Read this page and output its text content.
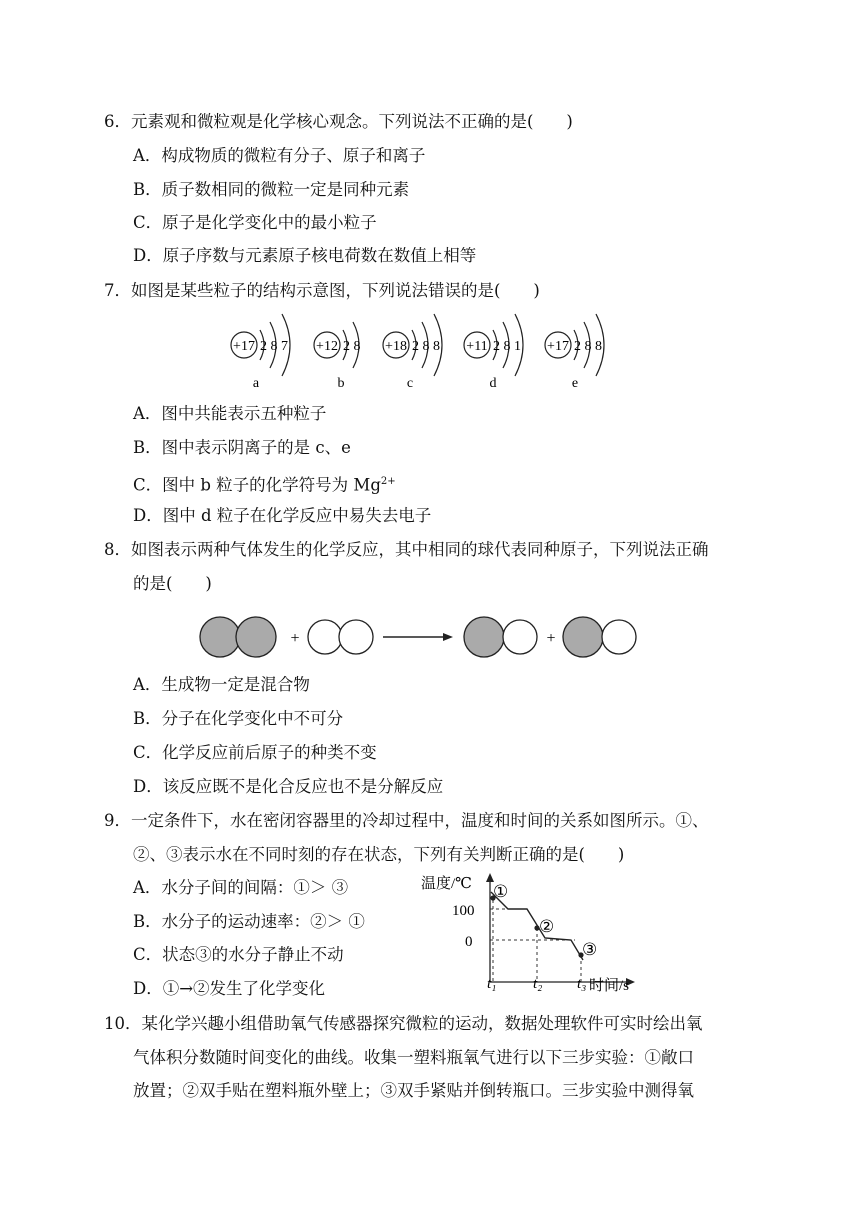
6．元素观和微粒观是化学核心观念。下列说法不正确的是(　　)
A．构成物质的微粒有分子、原子和离子
B．质子数相同的微粒一定是同种元素
C．原子是化学变化中的最小粒子
D．原子序数与元素原子核电荷数在数值上相等
7．如图是某些粒子的结构示意图，下列说法错误的是(　　)
+17 2 8 7
a
+12 2 8
b
+18 2 8 8
c
+11 2 8 1
d
+17 2 8 8
e
A．图中共能表示五种粒子
B．图中表示阴离子的是 c、e
C．图中 b 粒子的化学符号为 $Mg^{2+}$
D．图中 d 粒子在化学反应中易失去电子
8．如图表示两种气体发生的化学反应，其中相同的球代表同种原子，下列说法正确
的是(　　)
+	+
A．生成物一定是混合物
B．分子在化学变化中不可分
C．化学反应前后原子的种类不变
D．该反应既不是化合反应也不是分解反应
9．一定条件下，水在密闭容器里的冷却过程中，温度和时间的关系如图所示。①、
②、③表示水在不同时刻的存在状态，下列有关判断正确的是(　　)
A．水分子间的间隔：①＞ ③
B．水分子的运动速率：②＞ ①
C．状态③的水分子静止不动
D．①→②发生了化学变化
温度/℃
时间/s
100
0
t₁ t₂ t₃
①
②
③
10．某化学兴趣小组借助氧气传感器探究微粒的运动，数据处理软件可实时绘出氧
气体积分数随时间变化的曲线。收集一塑料瓶氧气进行以下三步实验：①敞口
放置；②双手贴在塑料瓶外壁上；③双手紧贴并倒转瓶口。三步实验中测得氧
